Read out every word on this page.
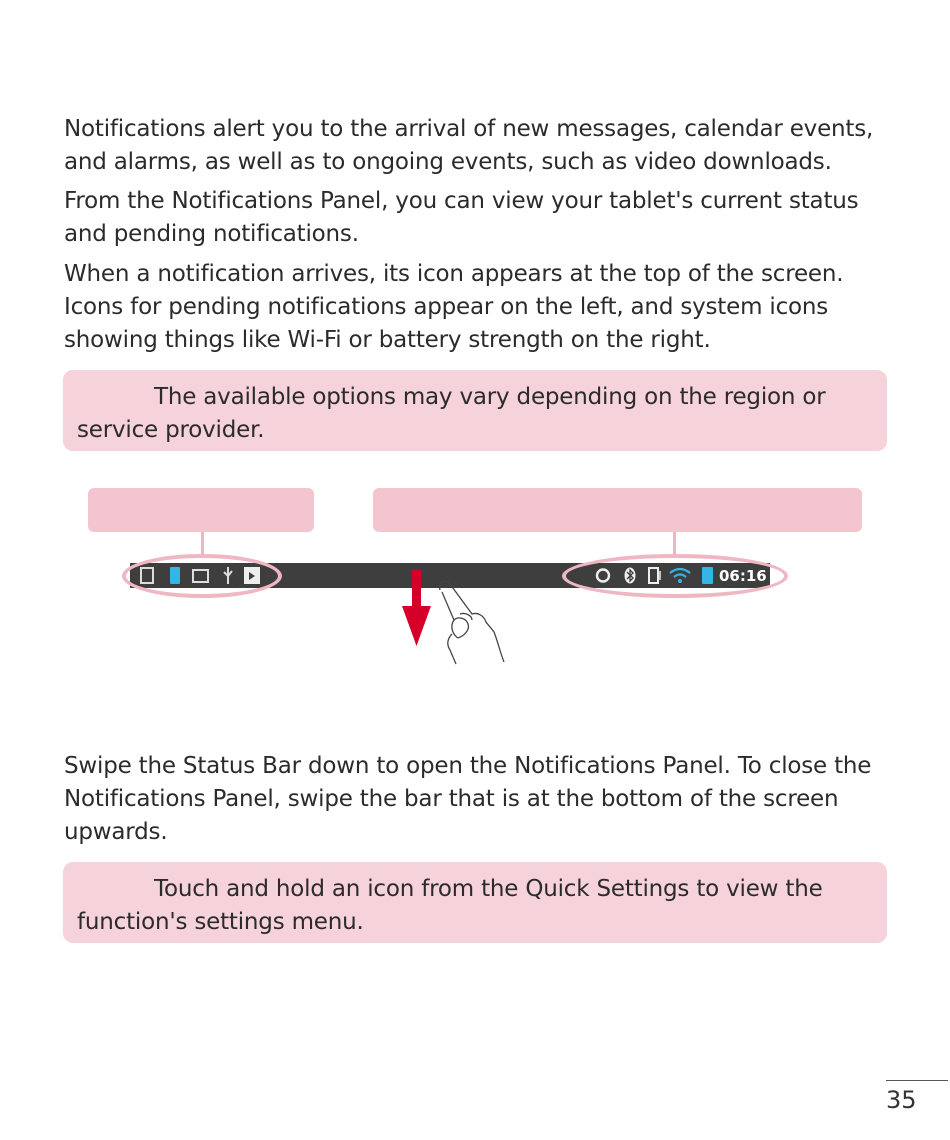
Notifications alert you to the arrival of new messages, calendar events, and alarms, as well as to ongoing events, such as video downloads.

From the Notifications Panel, you can view your tablet's current status and pending notifications.

When a notification arrives, its icon appears at the top of the screen. Icons for pending notifications appear on the left, and system icons showing things like Wi-Fi or battery strength on the right.

The available options may vary depending on the region or service provider.
06:16

Swipe the Status Bar down to open the Notifications Panel. To close the Notifications Panel, swipe the bar that is at the bottom of the screen upwards.

Touch and hold an icon from the Quick Settings to view the function's settings menu.
35
